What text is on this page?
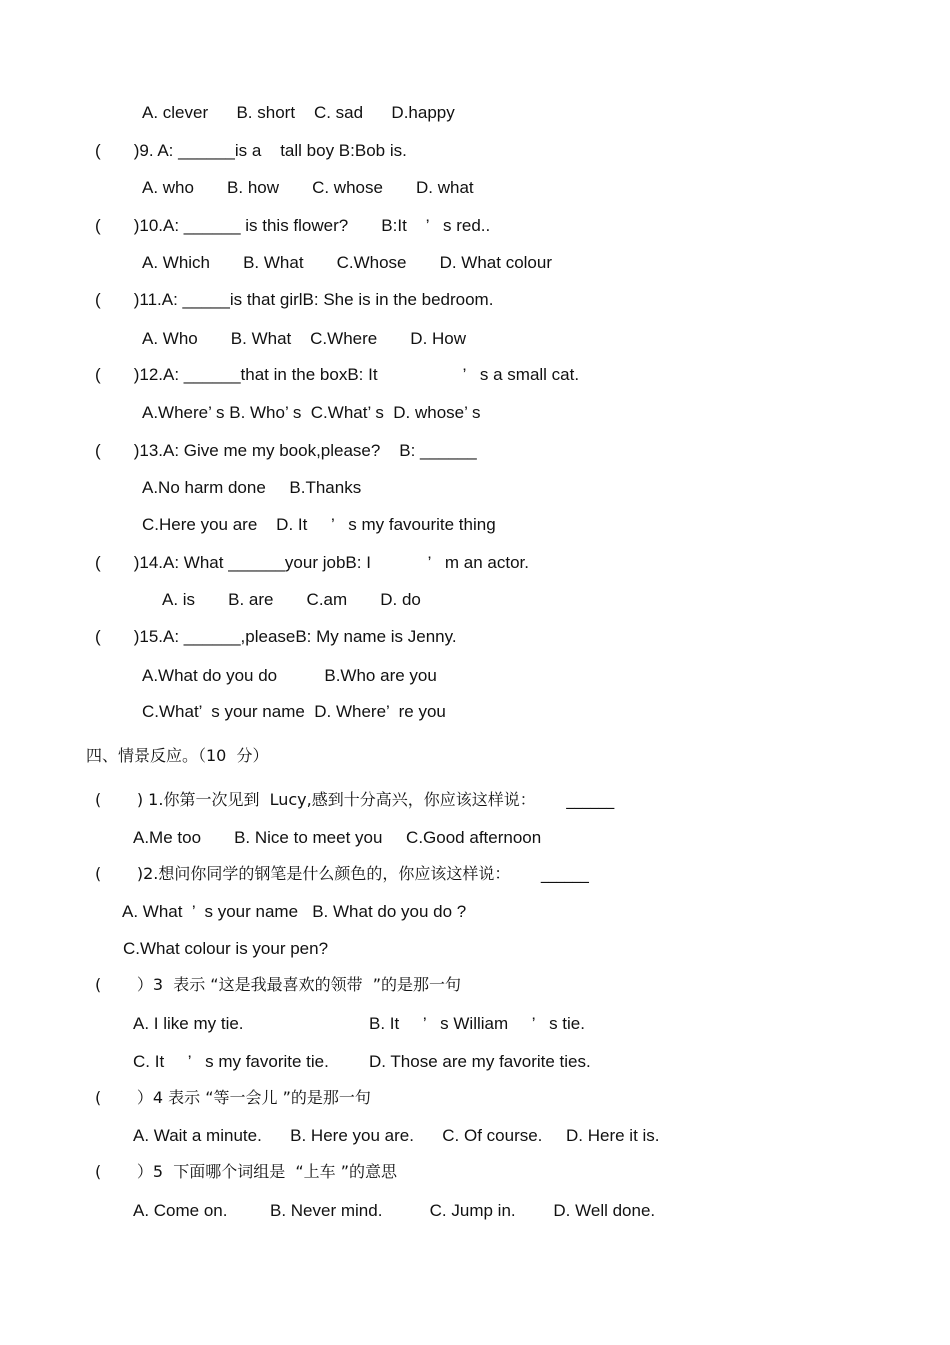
A. clever      B. short    C. sad      D.happy
(       )9. A: ______is a    tall boy B:Bob is.
A. who       B. how       C. whose       D. what
(       )10.A: ______ is this flower?       B:It    ’   s red..
A. Which       B. What       C.Whose       D. What colour
(       )11.A: _____is that girlB: She is in the bedroom.
A. Who       B. What    C.Where       D. How
(       )12.A: ______that in the boxB: It                  ’   s a small cat.
A.Where’ s B. Who’ s  C.What’ s  D. whose’ s
(       )13.A: Give me my book,please?    B: ______
A.No harm done     B.Thanks
C.Here you are    D. It     ’   s my favourite thing
(       )14.A: What ______your jobB: I            ’   m an actor.
A. is       B. are       C.am       D. do
(       )15.A: ______,pleaseB: My name is Jenny.
A.What do you do          B.Who are you
C.What’  s your name  D. Where’  re you
四、情景反应。（10  分）
(       ) 1.你第一次见到  Lucy,感到十分高兴，你应该这样说：      ______
A.Me too       B. Nice to meet you     C.Good afternoon
(       )2.想问你同学的钢笔是什么颜色的，你应该这样说：      ______
A. What  ’  s your name   B. What do you do ?
C.What colour is your pen?
(       ）3  表示 “这是我最喜欢的领带  ”的是那一句
A. I like my tie.	B. It     ’   s William     ’   s tie.
C. It     ’   s my favorite tie. D. Those are my favorite ties.
(       ）4 表示 “等一会儿 ”的是那一句
A. Wait a minute.      B. Here you are.      C. Of course.     D. Here it is.
(       ）5  下面哪个词组是  “上车 ”的意思
A. Come on.         B. Never mind.          C. Jump in.        D. Well done.
